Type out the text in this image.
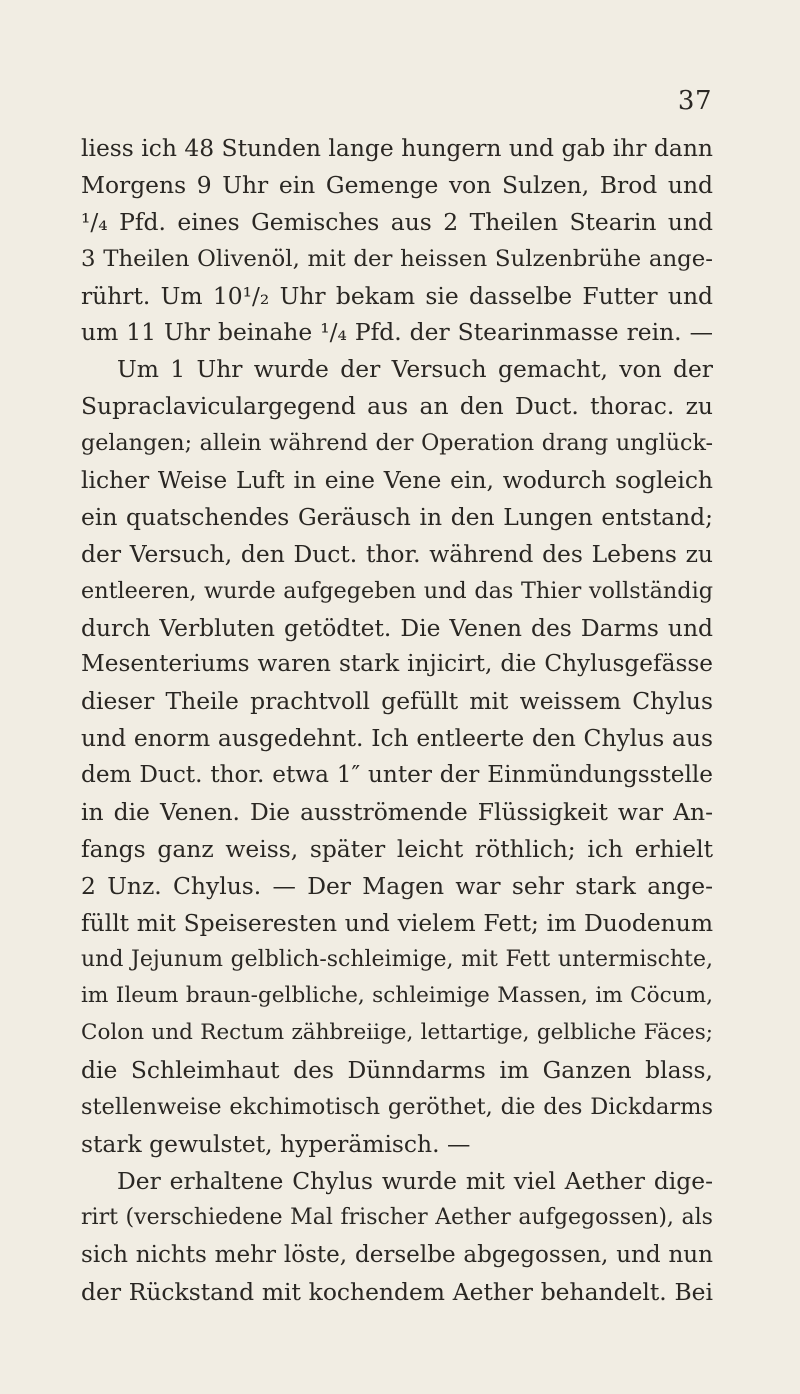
37
liess ich 48 Stunden lange hungern und gab ihr dann
Morgens 9 Uhr ein Gemenge von Sulzen, Brod und
¹/₄ Pfd. eines Gemisches aus 2 Theilen Stearin und
3 Theilen Olivenöl, mit der heissen Sulzenbrühe ange-
rührt. Um 10¹/₂ Uhr bekam sie dasselbe Futter und
um 11 Uhr beinahe ¹/₄ Pfd. der Stearinmasse rein. —
Um 1 Uhr wurde der Versuch gemacht, von der
Supraclaviculargegend aus an den Duct. thorac. zu
gelangen; allein während der Operation drang unglück-
licher Weise Luft in eine Vene ein, wodurch sogleich
ein quatschendes Geräusch in den Lungen entstand;
der Versuch, den Duct. thor. während des Lebens zu
entleeren, wurde aufgegeben und das Thier vollständig
durch Verbluten getödtet. Die Venen des Darms und
Mesenteriums waren stark injicirt, die Chylusgefässe
dieser Theile prachtvoll gefüllt mit weissem Chylus
und enorm ausgedehnt. Ich entleerte den Chylus aus
dem Duct. thor. etwa 1″ unter der Einmündungsstelle
in die Venen. Die ausströmende Flüssigkeit war An-
fangs ganz weiss, später leicht röthlich; ich erhielt
2 Unz. Chylus. — Der Magen war sehr stark ange-
füllt mit Speiseresten und vielem Fett; im Duodenum
und Jejunum gelblich-schleimige, mit Fett untermischte,
im Ileum braun-gelbliche, schleimige Massen, im Cöcum,
Colon und Rectum zähbreiige, lettartige, gelbliche Fäces;
die Schleimhaut des Dünndarms im Ganzen blass,
stellenweise ekchimotisch geröthet, die des Dickdarms
stark gewulstet, hyperämisch. —
Der erhaltene Chylus wurde mit viel Aether dige-
rirt (verschiedene Mal frischer Aether aufgegossen), als
sich nichts mehr löste, derselbe abgegossen, und nun
der Rückstand mit kochendem Aether behandelt. Bei
